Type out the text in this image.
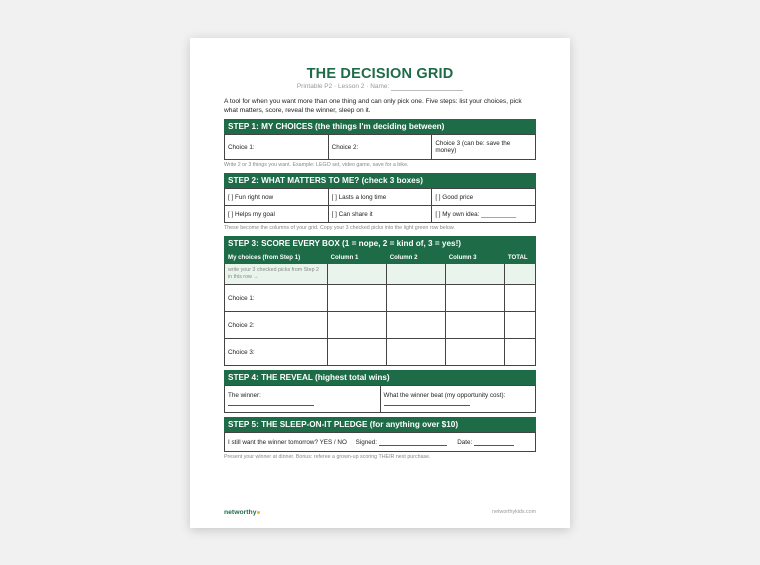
THE DECISION GRID
Printable P2 · Lesson 2 · Name:
A tool for when you want more than one thing and can only pick one. Five steps: list your choices, pick what matters, score, reveal the winner, sleep on it.
STEP 1: MY CHOICES (the things I'm deciding between)
Choice 1:	Choice 2:	Choice 3 (can be: save the money)
Write 2 or 3 things you want. Example: LEGO set, video game, save for a bike.
STEP 2: WHAT MATTERS TO ME? (check 3 boxes)
[ ] Fun right now	[ ] Lasts a long time	[ ] Good price
[ ] Helps my goal	[ ] Can share it	[ ] My own idea: __________
These become the columns of your grid. Copy your 3 checked picks into the light green row below.
STEP 3: SCORE EVERY BOX (1 = nope, 2 = kind of, 3 = yes!)
My choices (from Step 1)	Column 1	Column 2	Column 3	TOTAL
write your 3 checked picks from Step 2 in this row →				
Choice 1:				
Choice 2:				
Choice 3:				
STEP 4: THE REVEAL (highest total wins)
The winner:	What the winner beat (my opportunity cost):
STEP 5: THE SLEEP-ON-IT PLEDGE (for anything over $10)
I still want the winner tomorrow? YES / NO Signed:	Date:
Present your winner at dinner. Bonus: referee a grown-up scoring THEIR next purchase.
networthy	networthykids.com
